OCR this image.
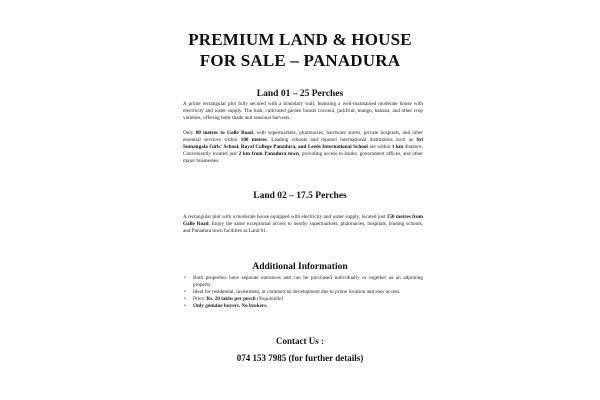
PREMIUM LAND & HOUSE
FOR SALE – PANADURA
Land 01 – 25 Perches
A prime rectangular plot fully secured with a boundary wall, featuring a well-maintained moderate house with electricity and water supply. The lush, cultivated garden boasts coconut, jackfruit, mango, banana, and other crop varieties, offering both shade and seasonal harvests.
Only 80 metres to Galle Road, with supermarkets, pharmacies, hardware stores, private hospitals, and other essential services within 100 metres. Leading schools and reputed international institutions such as Sri Sumangala Girls' School, Royal College Panadura, and Leeds International School are within 1 km distance. Conveniently located just 2 km from Panadura town, providing access to banks, government offices, and other major businesses.
Land 02 – 17.5 Perches
A rectangular plot with a moderate house equipped with electricity and water supply, located just 150 metres from Galle Road. Enjoy the same exceptional access to nearby supermarkets, pharmacies, hospitals, leading schools, and Panadura town facilities as Land 01.
Additional Information
• Both properties have separate entrances and can be purchased individually or together as an adjoining property.
• Ideal for residential, investment, or commercial development due to prime location and easy access.
• Price: Rs. 20 lakhs per perch (Negotiable)
• Only genuine buyers. No brokers.
Contact Us :
074 153 7985 (for further details)
